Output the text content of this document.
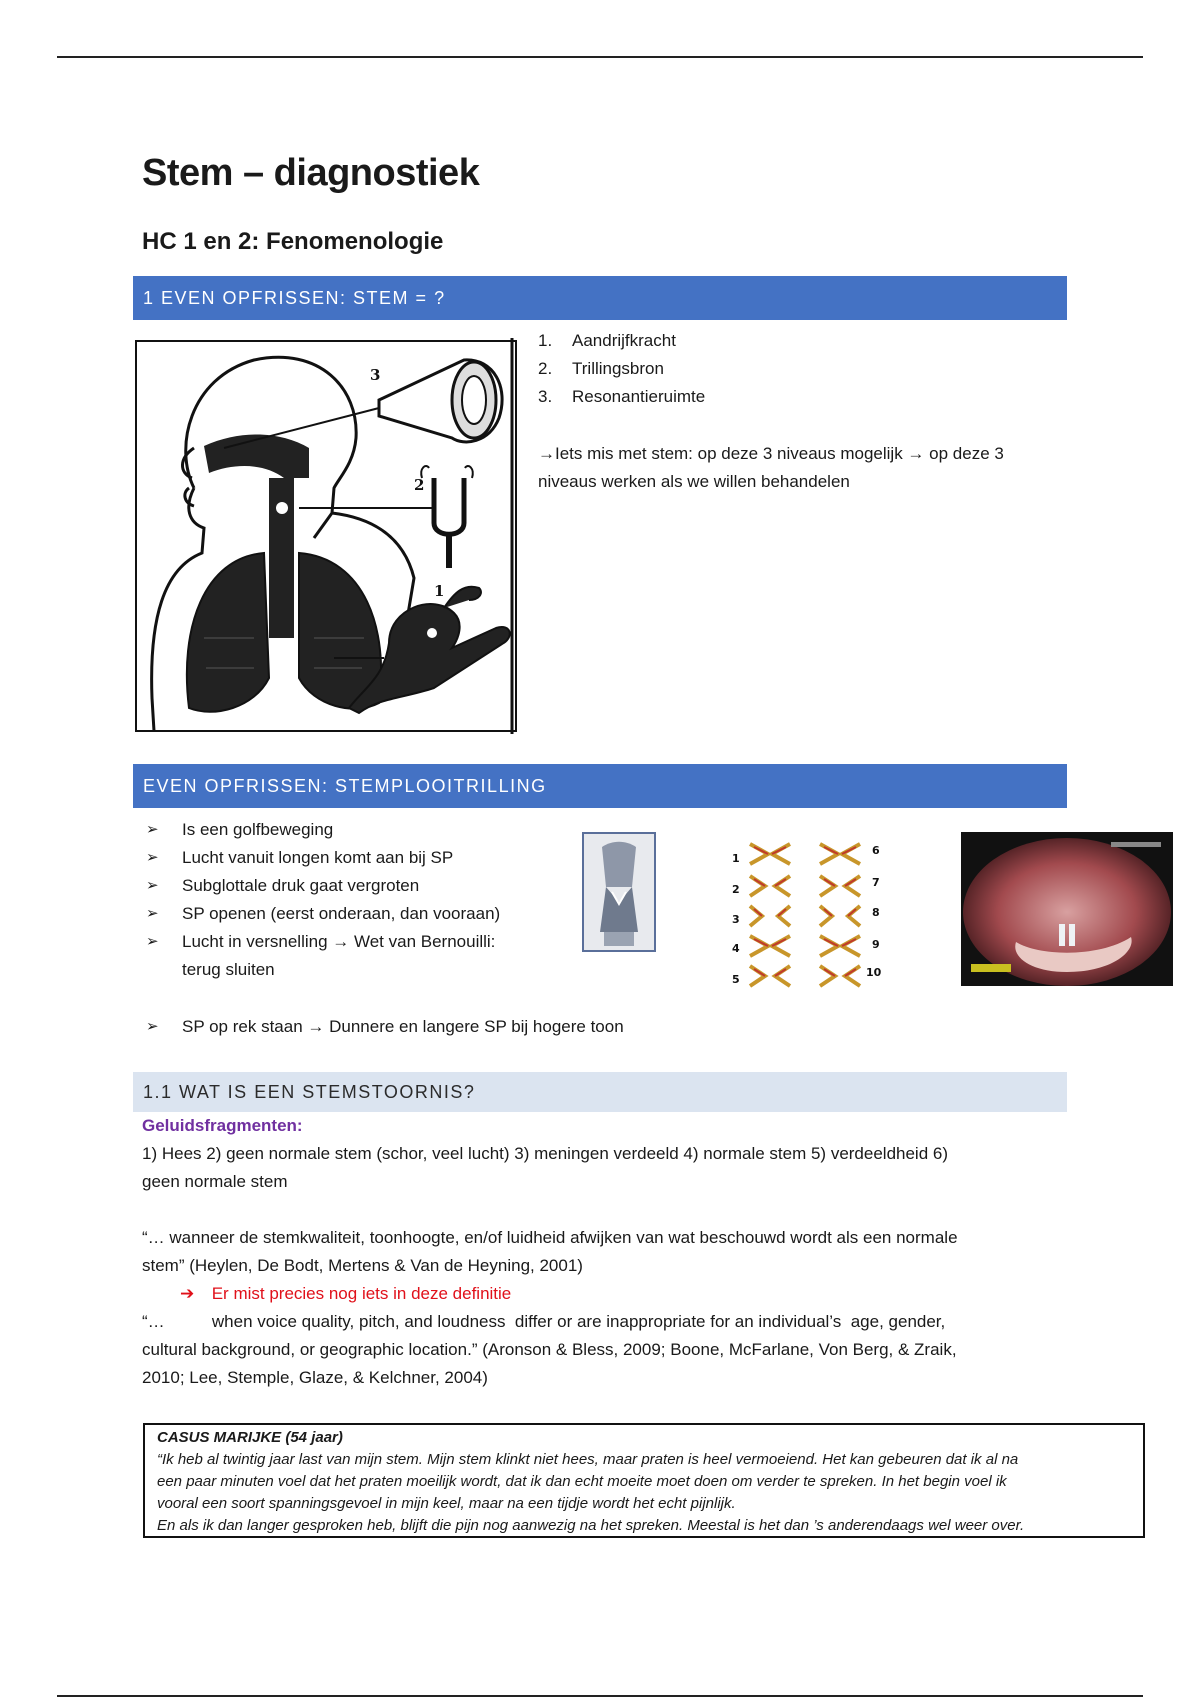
Stem – diagnostiek
HC 1 en 2: Fenomenologie
1 EVEN OPFRISSEN: STEM = ?
3
2
1
1. Aandrijfkracht
2. Trillingsbron
3. Resonantieruimte
→Iets mis met stem: op deze 3 niveaus mogelijk → op deze 3
niveaus werken als we willen behandelen
EVEN OPFRISSEN: STEMPLOOITRILLING
➢ Is een golfbeweging
➢ Lucht vanuit longen komt aan bij SP
➢ Subglottale druk gaat vergroten
➢ SP openen (eerst onderaan, dan vooraan)
➢ Lucht in versnelling → Wet van Bernouilli:
terug sluiten
➢ SP op rek staan → Dunnere en langere SP bij hogere toon
1
2
3
4
5
6
7
8
9
10
1.1 WAT IS EEN STEMSTOORNIS?
Geluidsfragmenten:
1) Hees 2) geen normale stem (schor, veel lucht) 3) meningen verdeeld 4) normale stem 5) verdeeldheid 6)
geen normale stem
“… wanneer de stemkwaliteit, toonhoogte, en/of luidheid afwijken van wat beschouwd wordt als een normale
stem” (Heylen, De Bodt, Mertens & Van de Heyning, 2001)
➔ Er mist precies nog iets in deze definitie
“…          when voice quality, pitch, and loudness  differ or are inappropriate for an individual’s  age, gender,
cultural background, or geographic location.” (Aronson & Bless, 2009; Boone, McFarlane, Von Berg, & Zraik,
2010; Lee, Stemple, Glaze, & Kelchner, 2004)
CASUS MARIJKE (54 jaar)
“Ik heb al twintig jaar last van mijn stem. Mijn stem klinkt niet hees, maar praten is heel vermoeiend. Het kan gebeuren dat ik al na
een paar minuten voel dat het praten moeilijk wordt, dat ik dan echt moeite moet doen om verder te spreken. In het begin voel ik
vooral een soort spanningsgevoel in mijn keel, maar na een tijdje wordt het echt pijnlijk.
En als ik dan langer gesproken heb, blijft die pijn nog aanwezig na het spreken. Meestal is het dan ’s anderendaags wel weer over.
